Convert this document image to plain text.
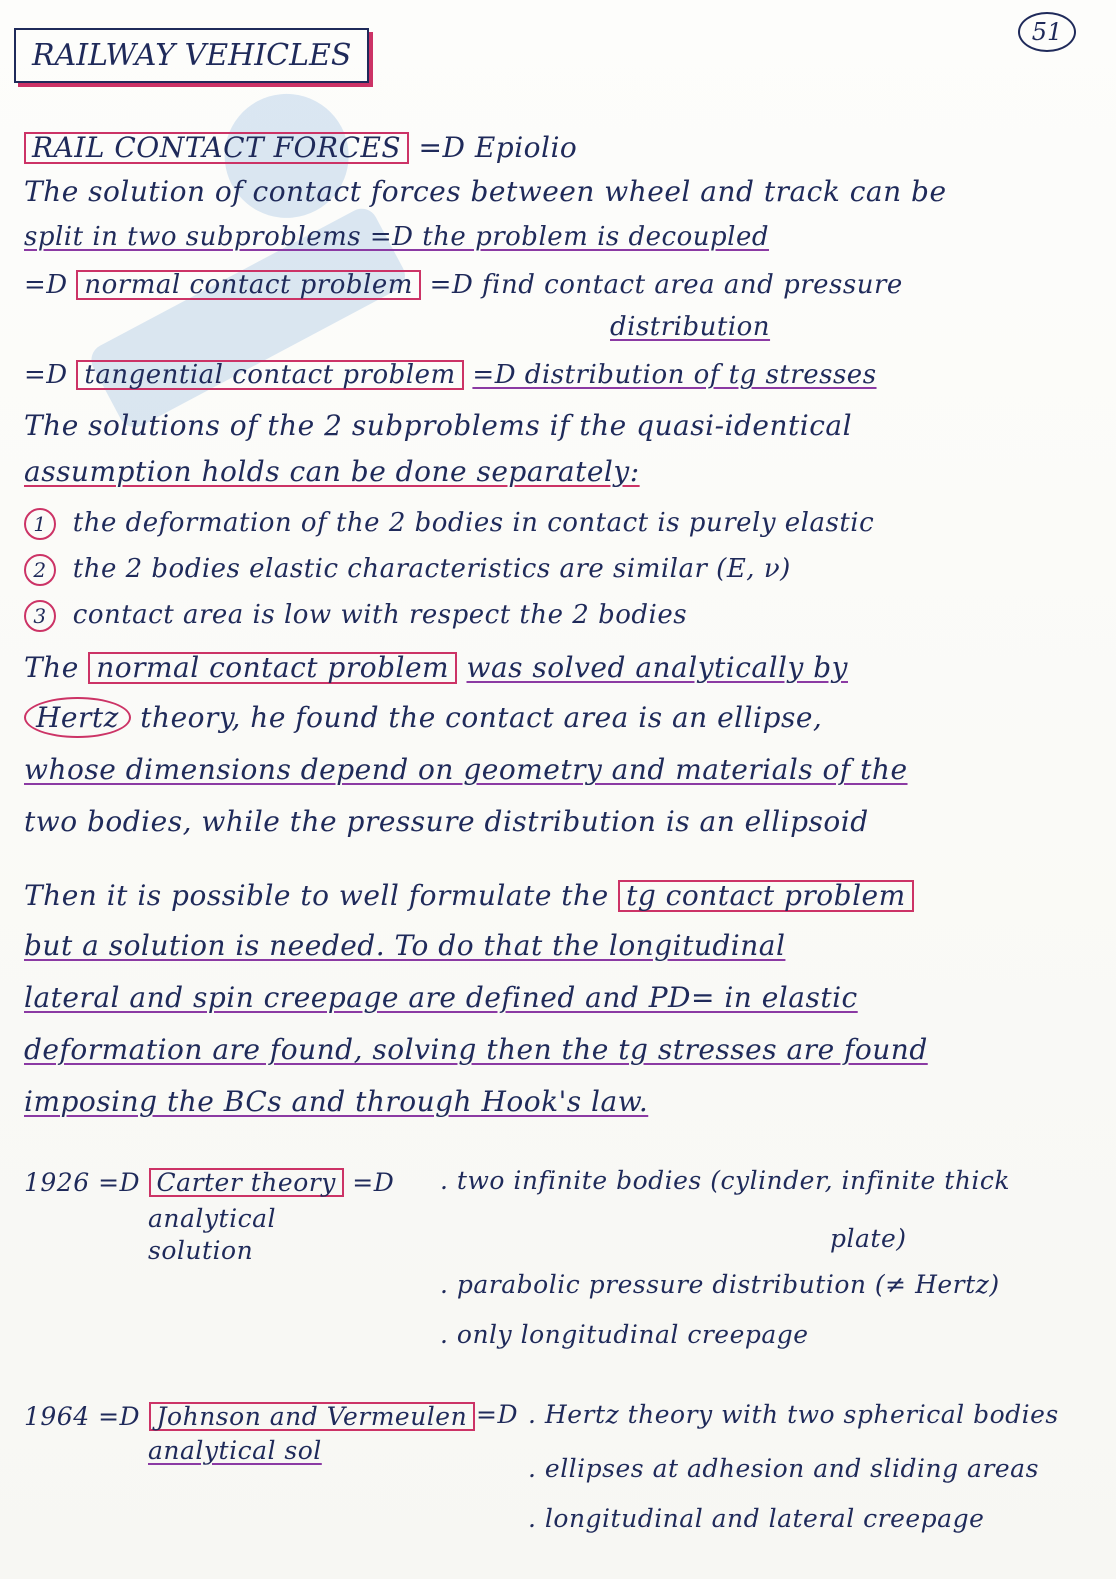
51
RAILWAY VEHICLES
RAIL CONTACT FORCES =D Epiolio
The solution of contact forces between wheel and track can be
split in two subproblems =D the problem is decoupled
=D normal contact problem =D find contact area and pressure
distribution
=D tangential contact problem =D distribution of tg stresses
The solutions of the 2 subproblems if the quasi-identical
assumption holds can be done separately:
1 the deformation of the 2 bodies in contact is purely elastic
2 the 2 bodies elastic characteristics are similar (E, ν)
3 contact area is low with respect the 2 bodies
The normal contact problem was solved analytically by
Hertz theory, he found the contact area is an ellipse,
whose dimensions depend on geometry and materials of the
two bodies, while the pressure distribution is an ellipsoid
Then it is possible to well formulate the tg contact problem
but a solution is needed. To do that the longitudinal
lateral and spin creepage are defined and PD= in elastic
deformation are found, solving then the tg stresses are found
imposing the BCs and through Hook's law.
1926 =D Carter theory =D
analytical
solution
. two infinite bodies (cylinder, infinite thick
plate)
. parabolic pressure distribution (≠ Hertz)
. only longitudinal creepage
1964 =D Johnson and Vermeulen =D
analytical sol
. Hertz theory with two spherical bodies
. ellipses at adhesion and sliding areas
. longitudinal and lateral creepage
